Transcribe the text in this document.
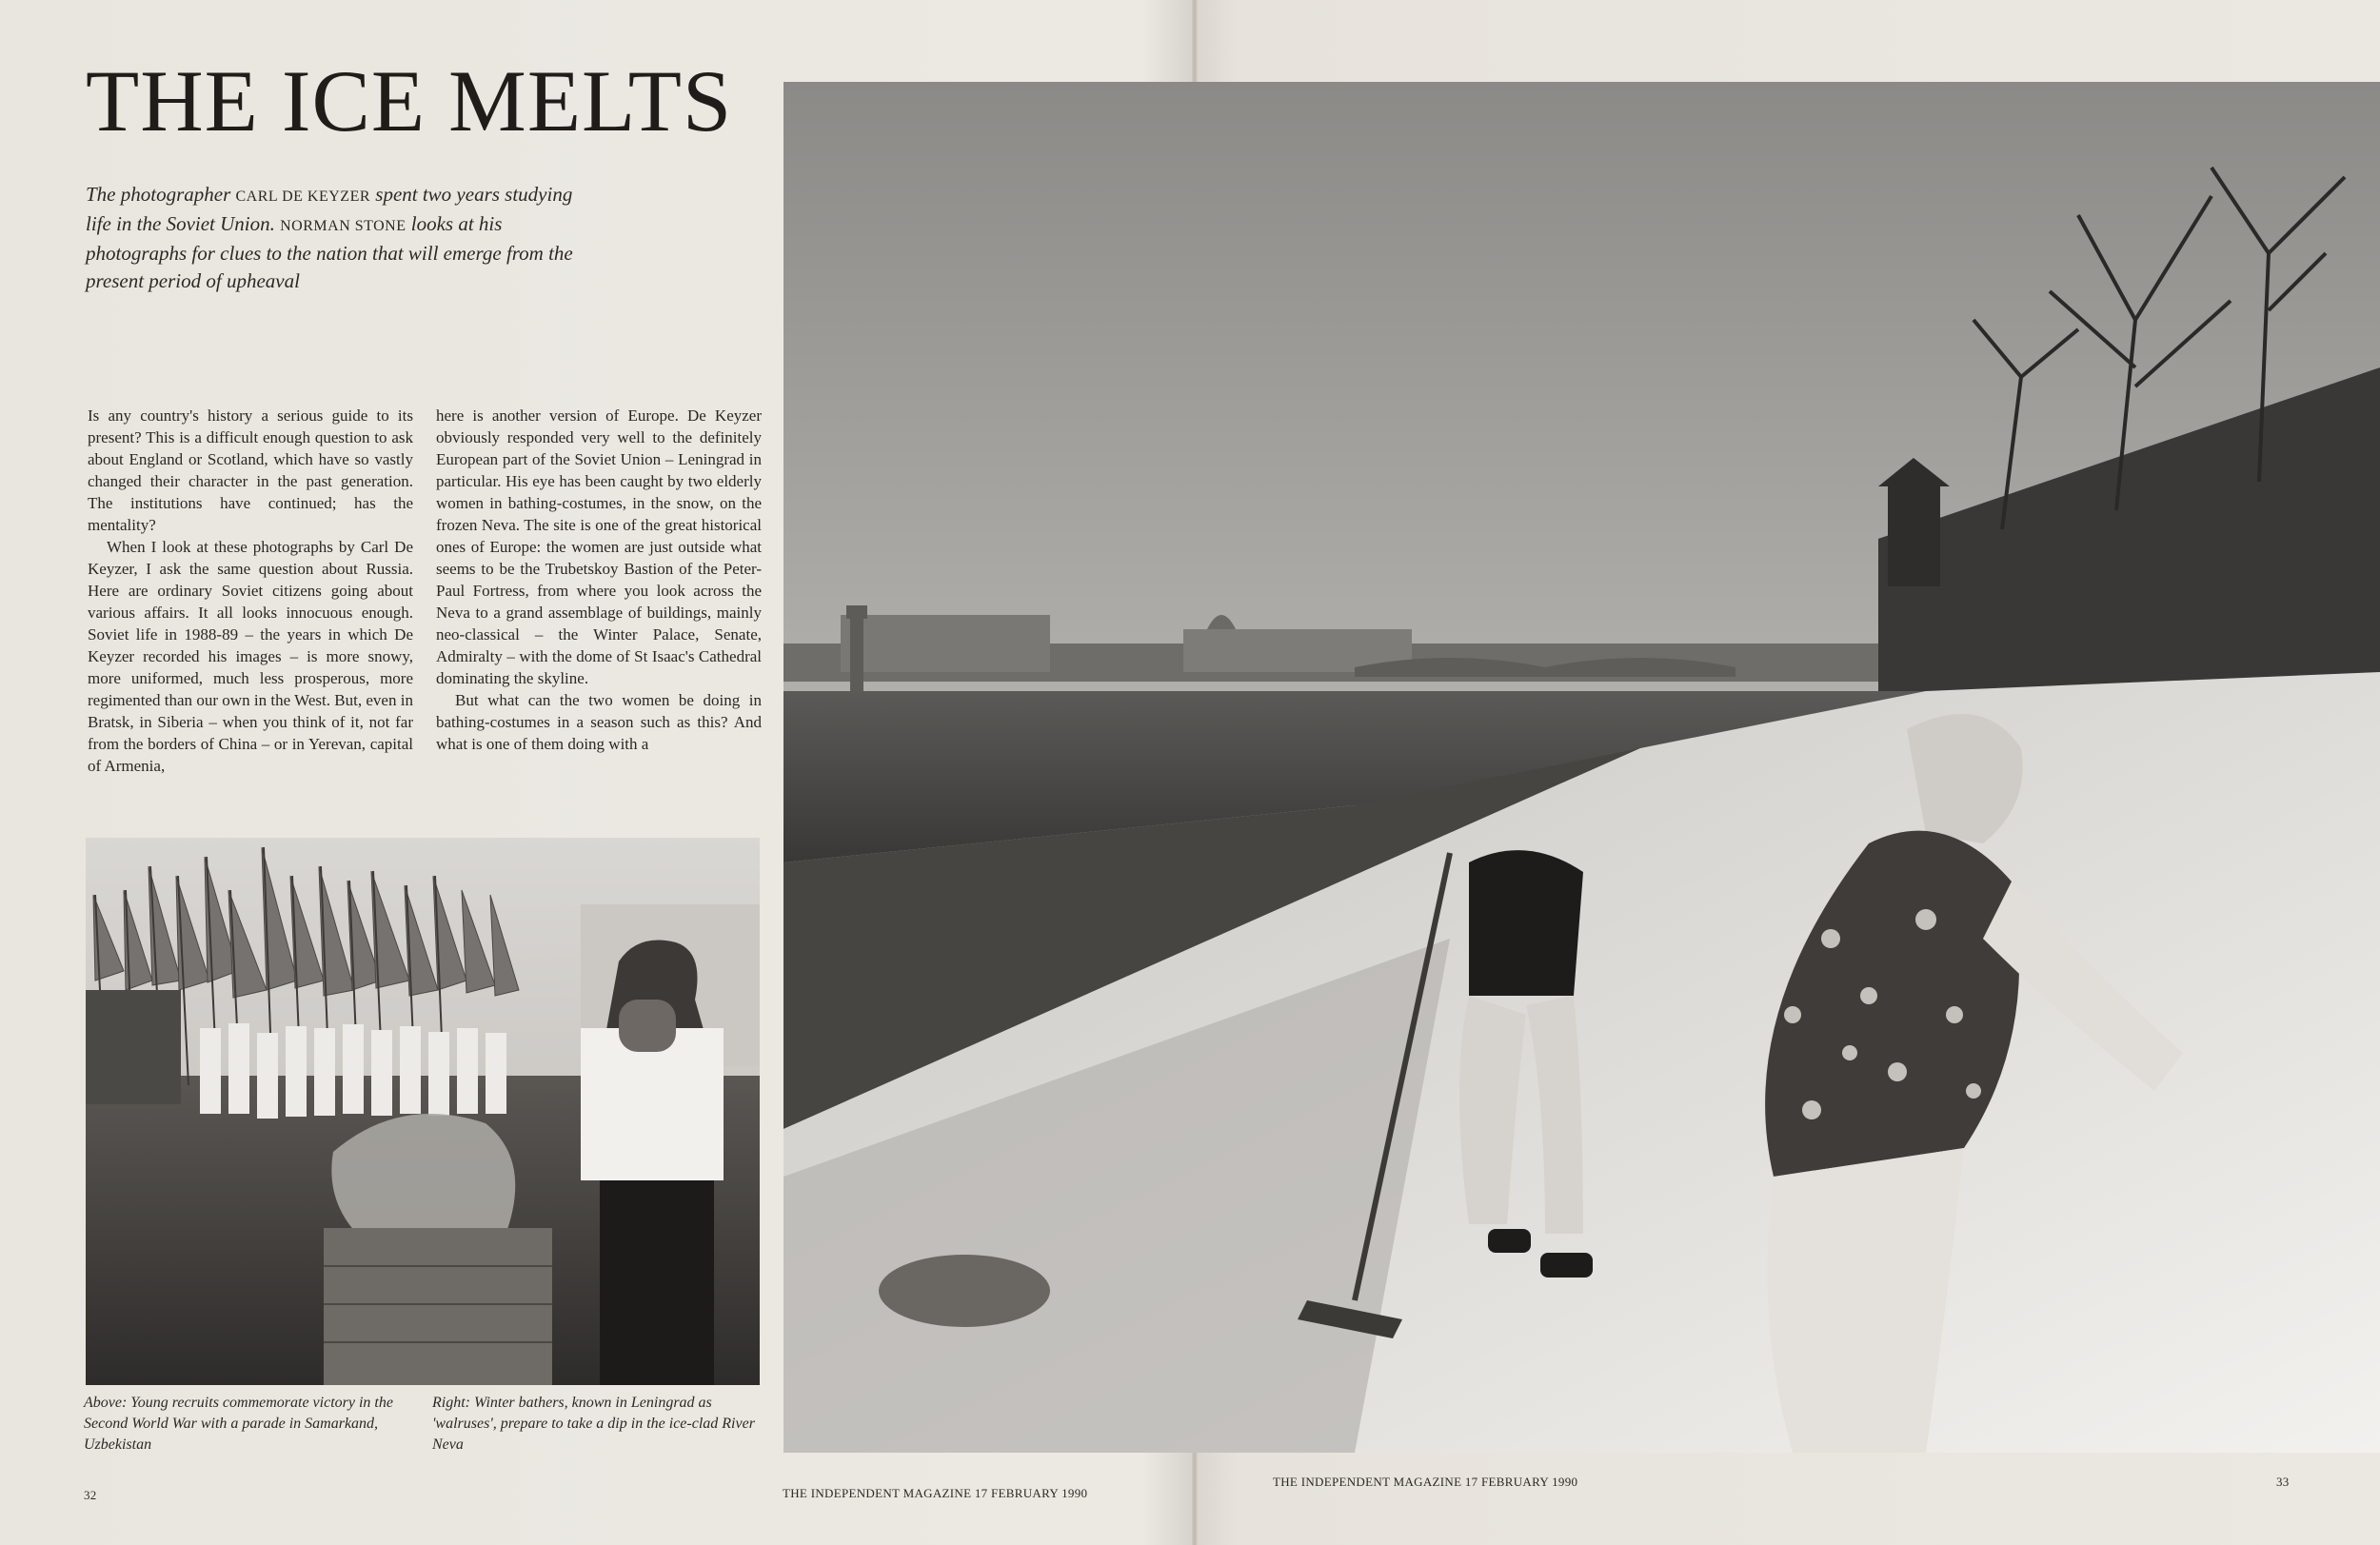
THE ICE MELTS
The photographer CARL DE KEYZER spent two years studying life in the Soviet Union. NORMAN STONE looks at his photographs for clues to the nation that will emerge from the present period of upheaval

Is any country's history a serious guide to its present? This is a difficult enough question to ask about England or Scotland, which have so vastly changed their character in the past generation. The institutions have continued; has the mentality?

When I look at these photographs by Carl De Keyzer, I ask the same question about Russia. Here are ordinary Soviet citizens going about various affairs. It all looks innocuous enough. Soviet life in 1988-89 – the years in which De Keyzer recorded his images – is more snowy, more uniformed, much less prosperous, more regimented than our own in the West. But, even in Bratsk, in Siberia – when you think of it, not far from the borders of China – or in Yerevan, capital of Armenia,

here is another version of Europe. De Keyzer obviously responded very well to the definitely European part of the Soviet Union – Leningrad in particular. His eye has been caught by two elderly women in bathing-costumes, in the snow, on the frozen Neva. The site is one of the great historical ones of Europe: the women are just outside what seems to be the Trubetskoy Bastion of the Peter-Paul Fortress, from where you look across the Neva to a grand assemblage of buildings, mainly neo-classical – the Winter Palace, Senate, Admiralty – with the dome of St Isaac's Cathedral dominating the skyline.

But what can the two women be doing in bathing-costumes in a season such as this? And what is one of them doing with a

Above: Young recruits commemorate victory in the Second World War with a parade in Samarkand, Uzbekistan
Right: Winter bathers, known in Leningrad as 'walruses', prepare to take a dip in the ice-clad River Neva
32	THE INDEPENDENT MAGAZINE 17 FEBRUARY 1990
THE INDEPENDENT MAGAZINE 17 FEBRUARY 1990	33
